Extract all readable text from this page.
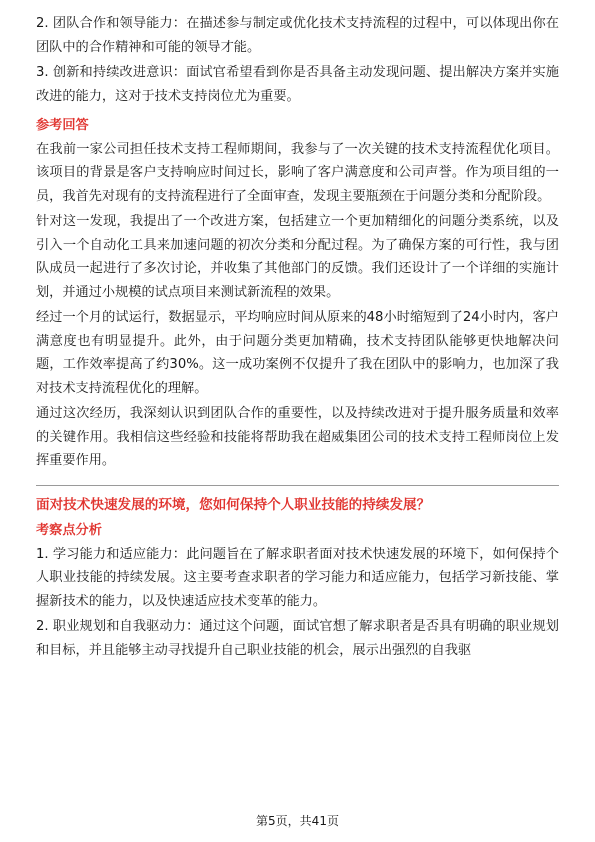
2. 团队合作和领导能力：在描述参与制定或优化技术支持流程的过程中，可以体现出你在团队中的合作精神和可能的领导才能。

3. 创新和持续改进意识：面试官希望看到你是否具备主动发现问题、提出解决方案并实施改进的能力，这对于技术支持岗位尤为重要。

参考回答

在我前一家公司担任技术支持工程师期间，我参与了一次关键的技术支持流程优化项目。该项目的背景是客户支持响应时间过长，影响了客户满意度和公司声誉。作为项目组的一员，我首先对现有的支持流程进行了全面审查，发现主要瓶颈在于问题分类和分配阶段。

针对这一发现，我提出了一个改进方案，包括建立一个更加精细化的问题分类系统，以及引入一个自动化工具来加速问题的初次分类和分配过程。为了确保方案的可行性，我与团队成员一起进行了多次讨论，并收集了其他部门的反馈。我们还设计了一个详细的实施计划，并通过小规模的试点项目来测试新流程的效果。

经过一个月的试运行，数据显示，平均响应时间从原来的48小时缩短到了24小时内，客户满意度也有明显提升。此外，由于问题分类更加精确，技术支持团队能够更快地解决问题，工作效率提高了约30%。这一成功案例不仅提升了我在团队中的影响力，也加深了我对技术支持流程优化的理解。

通过这次经历，我深刻认识到团队合作的重要性，以及持续改进对于提升服务质量和效率的关键作用。我相信这些经验和技能将帮助我在超威集团公司的技术支持工程师岗位上发挥重要作用。

面对技术快速发展的环境，您如何保持个人职业技能的持续发展？
考察点分析

1. 学习能力和适应能力：此问题旨在了解求职者面对技术快速发展的环境下，如何保持个人职业技能的持续发展。这主要考查求职者的学习能力和适应能力，包括学习新技能、掌握新技术的能力，以及快速适应技术变革的能力。

2. 职业规划和自我驱动力：通过这个问题，面试官想了解求职者是否具有明确的职业规划和目标，并且能够主动寻找提升自己职业技能的机会，展示出强烈的自我驱

第5页，共41页
